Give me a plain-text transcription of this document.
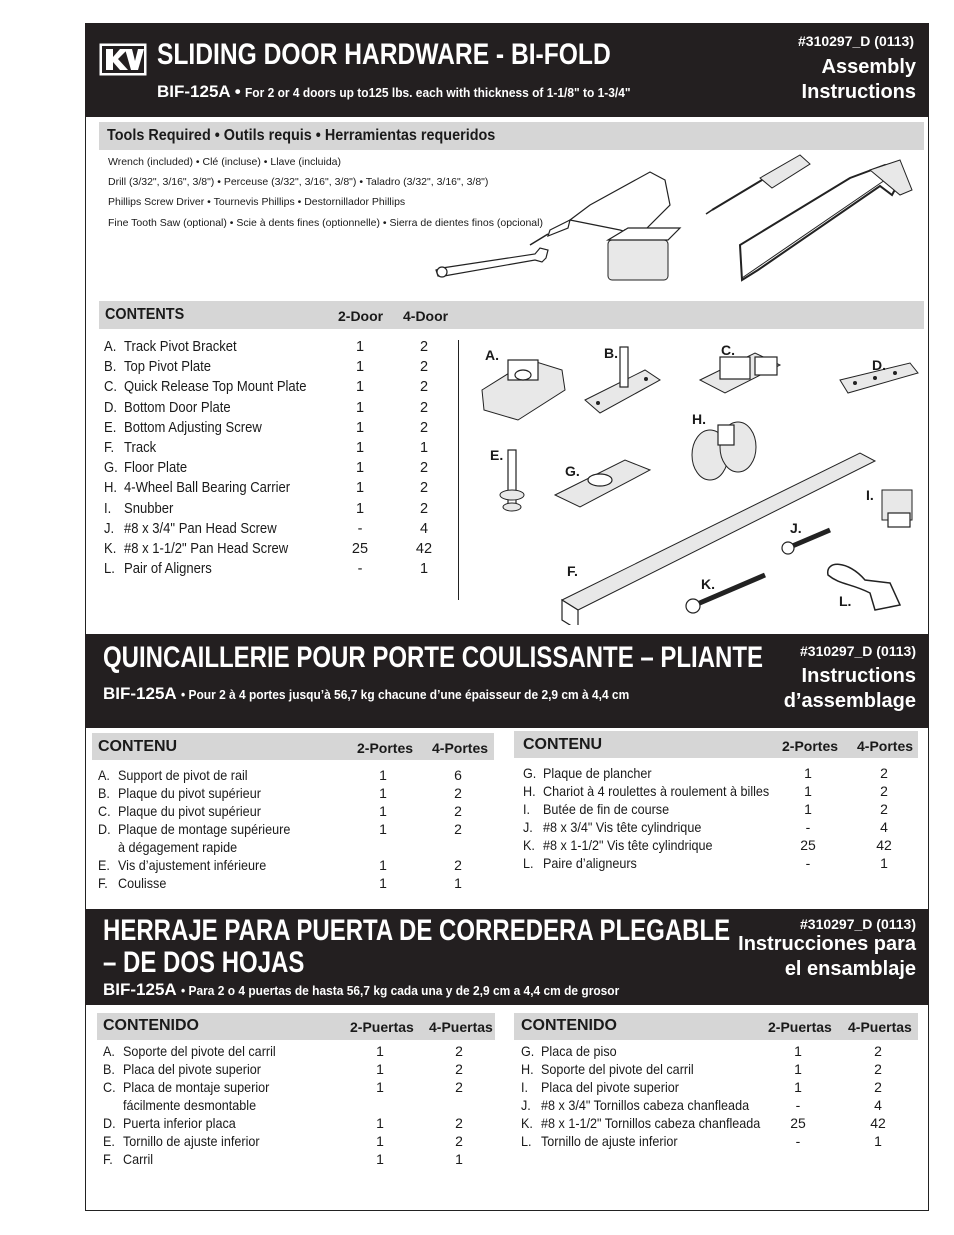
SLIDING DOOR HARDWARE - BI-FOLD
BIF-125A • For 2 or 4 doors up to125 lbs. each with thickness of 1-1/8" to 1-3/4"
#310297_D (0113)
Assembly
Instructions
Tools Required • Outils requis • Herramientas requeridos
Wrench (included) • Clé (incluse) • Llave (incluida)
Drill (3/32", 3/16", 3/8") • Perceuse (3/32", 3/16", 3/8") • Taladro (3/32", 3/16", 3/8")
Phillips Screw Driver • Tournevis Phillips • Destornillador Phillips
Fine Tooth Saw (optional) • Scie à dents fines (optionnelle) • Sierra de dientes finos (opcional)
CONTENTS	2-Door 4-Door
A. Track Pivot Bracket	1	2
B. Top Pivot Plate	1	2
C. Quick Release Top Mount Plate	1	2
D. Bottom Door Plate	1	2
E. Bottom Adjusting Screw	1	2
F. Track	1	1
G. Floor Plate	1	2
H. 4-Wheel Ball Bearing Carrier	1	2
I. Snubber	1	2
J. #8 x 3/4" Pan Head Screw	-	4
K. #8 x 1-1/2" Pan Head Screw	25	42
L. Pair of Aligners	-	1
A.	B.	C.
D.
E.
F.
G.
H.
I.
J.
K.
L.
QUINCAILLERIE POUR PORTE COULISSANTE – PLIANTE
BIF-125A • Pour 2 à 4 portes jusqu’à 56,7 kg chacune d’une épaisseur de 2,9 cm à 4,4 cm
#310297_D (0113)
Instructions
d’assemblage
CONTENU	2-Portes 4-Portes CONTENU	2-Portes 4-Portes
A. Support de pivot de rail	1	6
B. Plaque du pivot supérieur	1	2
C. Plaque du pivot supérieur	1	2
D. Plaque de montage supérieure	1	2
à dégagement rapide
E. Vis d’ajustement inférieure	1	2
F. Coulisse	1	1
G. Plaque de plancher	1	2
H. Chariot à 4 roulettes à roulement à billes	1	2
I. Butée de fin de course	1	2
J. #8 x 3/4" Vis tête cylindrique	-	4
K. #8 x 1-1/2" Vis tête cylindrique	25	42
L. Paire d’aligneurs	-	1
HERRAJE PARA PUERTA DE CORREDERA PLEGABLE
– DE DOS HOJAS
BIF-125A • Para 2 o 4 puertas de hasta 56,7 kg cada una y de 2,9 cm a 4,4 cm de grosor
#310297_D (0113)
Instrucciones para
el ensamblaje
CONTENIDO	2-Puertas 4-Puertas CONTENIDO	2-Puertas 4-Puertas
A. Soporte del pivote del carril	1	2
B. Placa del pivote superior	1	2
C. Placa de montaje superior	1	2
fácilmente desmontable
D. Puerta inferior placa	1	2
E. Tornillo de ajuste inferior	1	2
F. Carril	1	1
G. Placa de piso	1	2
H. Soporte del pivote del carril	1	2
I. Placa del pivote superior	1	2
J. #8 x 3/4" Tornillos cabeza chanfleada	-	4
K. #8 x 1-1/2" Tornillos cabeza chanfleada	25	42
L. Tornillo de ajuste inferior	-	1
